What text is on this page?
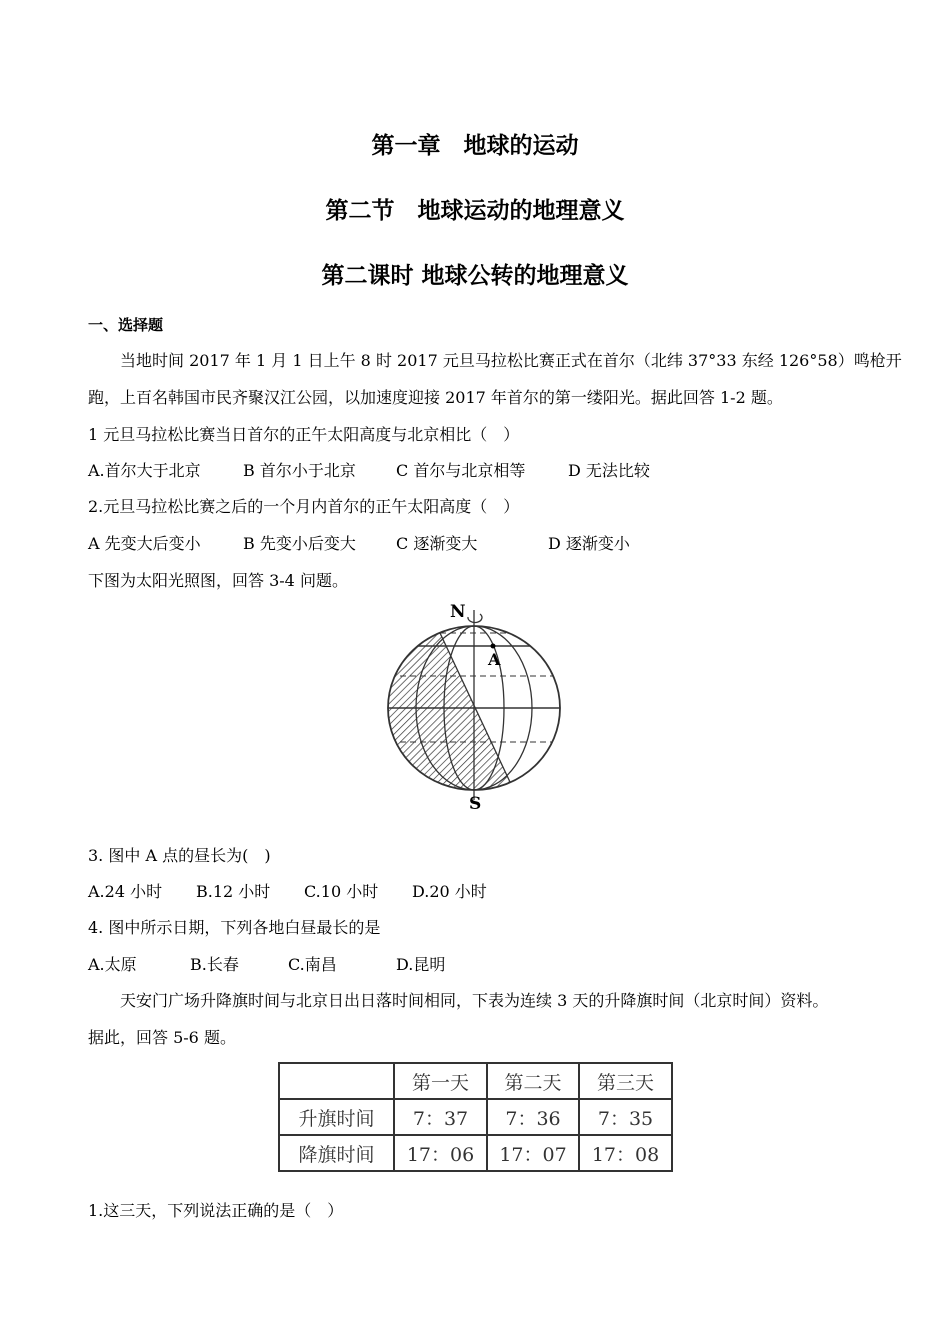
第一章　地球的运动
第二节　地球运动的地理意义
第二课时 地球公转的地理意义
一、选择题
当地时间 2017 年 1 月 1 日上午 8 时 2017 元旦马拉松比赛正式在首尔（北纬 37°33 东经 126°58）鸣枪开
跑，上百名韩国市民齐聚汉江公园，以加速度迎接 2017 年首尔的第一缕阳光。据此回答 1-2 题。
1 元旦马拉松比赛当日首尔的正午太阳高度与北京相比（　）
A.首尔大于北京	B 首尔小于北京	C 首尔与北京相等	D 无法比较
2.元旦马拉松比赛之后的一个月内首尔的正午太阳高度（　）
A 先变大后变小	B 先变小后变大	C 逐渐变大	D 逐渐变小
下图为太阳光照图，回答 3-4 问题。
N
S
A
3. 图中 A 点的昼长为(　)
A.24 小时 B.12 小时 C.10 小时 D.20 小时
4. 图中所示日期，下列各地白昼最长的是
A.太原	B.长春	C.南昌	D.昆明
天安门广场升降旗时间与北京日出日落时间相同，下表为连续 3 天的升降旗时间（北京时间）资料。
据此，回答 5-6 题。
	第一天	第二天	第三天
升旗时间	7：37	7：36	7：35
降旗时间	17：06	17：07	17：08
1.这三天，下列说法正确的是（　）
